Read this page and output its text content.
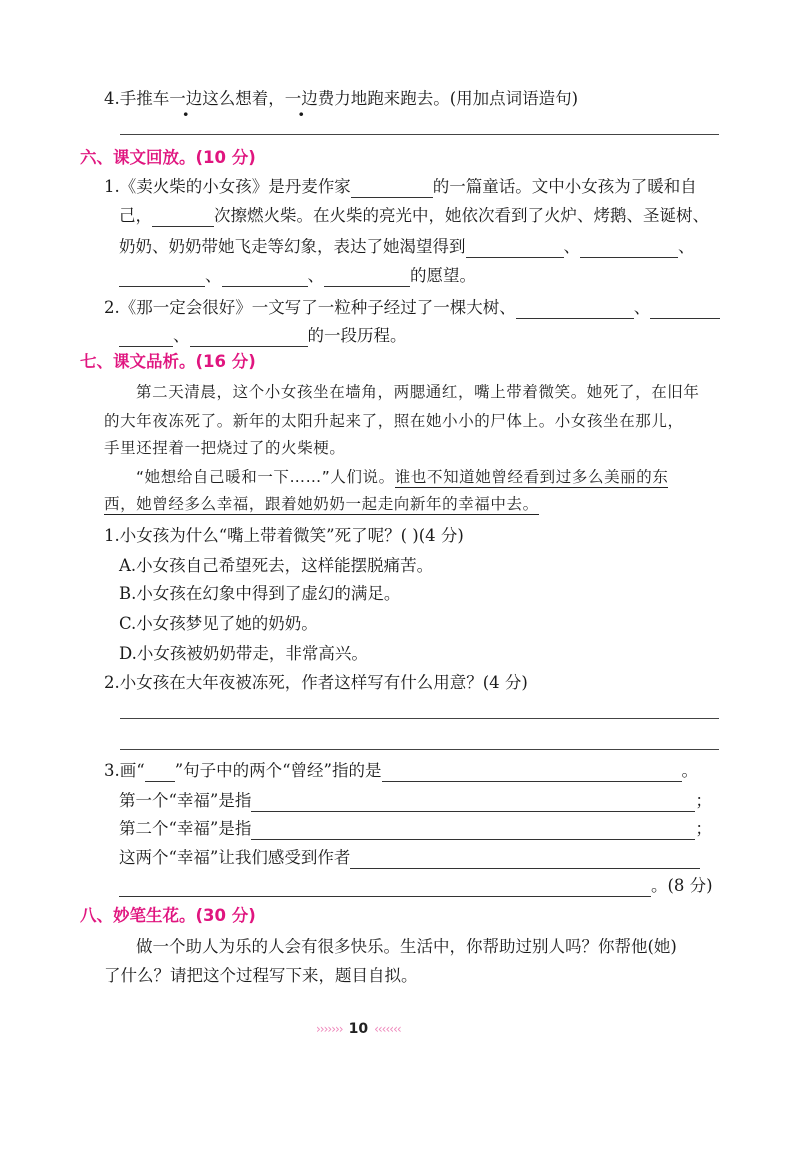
4.手推车一边这么想着，一边费力地跑来跑去。(用加点词语造句)
六、课文回放。(10 分)
1.《卖火柴的小女孩》是丹麦作家	的一篇童话。文中小女孩为了暖和自
己，	次擦燃火柴。在火柴的亮光中，她依次看到了火炉、烤鹅、圣诞树、
奶奶、奶奶带她飞走等幻象，表达了她渴望得到	、	、
、	、	的愿望。
2.《那一定会很好》一文写了一粒种子经过了一棵大树、	、
、	的一段历程。
七、课文品析。(16 分)
第二天清晨，这个小女孩坐在墙角，两腮通红，嘴上带着微笑。她死了，在旧年
的大年夜冻死了。新年的太阳升起来了，照在她小小的尸体上。小女孩坐在那儿，
手里还捏着一把烧过了的火柴梗。
“她想给自己暖和一下……”人们说。谁也不知道她曾经看到过多么美丽的东
西，她曾经多么幸福，跟着她奶奶一起走向新年的幸福中去。
1.小女孩为什么“嘴上带着微笑”死了呢？( )(4 分)
A.小女孩自己希望死去，这样能摆脱痛苦。
B.小女孩在幻象中得到了虚幻的满足。
C.小女孩梦见了她的奶奶。
D.小女孩被奶奶带走，非常高兴。
2.小女孩在大年夜被冻死，作者这样写有什么用意？(4 分)
3.画“ ”句子中的两个“曾经”指的是	。
第一个“幸福”是指	；
第二个“幸福”是指	；
这两个“幸福”让我们感受到作者
。(8 分)
八、妙笔生花。(30 分)
做一个助人为乐的人会有很多快乐。生活中，你帮助过别人吗？你帮他(她)
了什么？请把这个过程写下来，题目自拟。
››››››› 10 ‹‹‹‹‹‹‹
